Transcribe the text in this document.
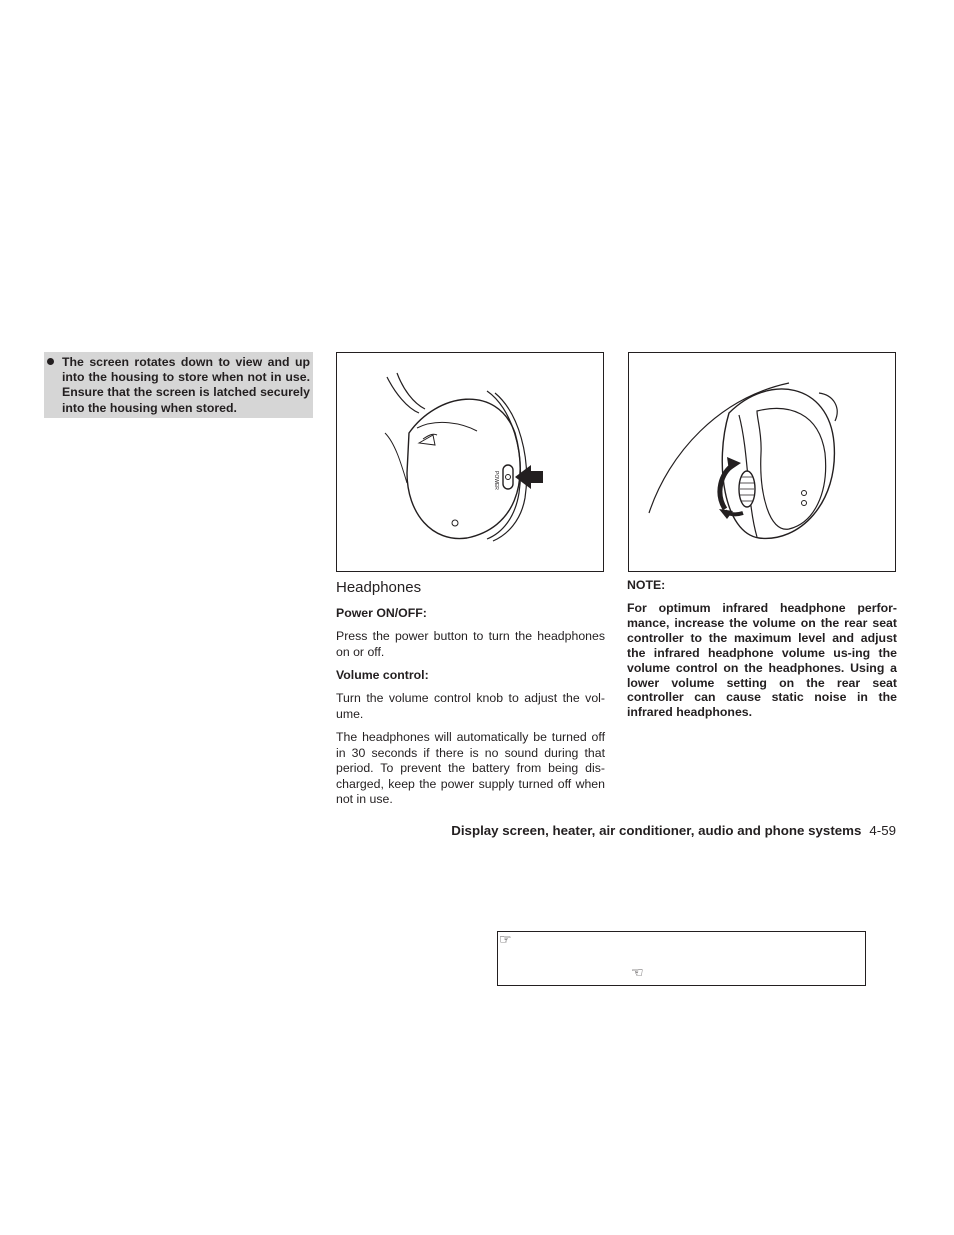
The screen rotates down to view and up into the housing to store when not in use. Ensure that the screen is latched securely into the housing when stored.
POWER
Headphones
Power ON/OFF:
Press the power button to turn the headphones on or off.
Volume control:
Turn the volume control knob to adjust the vol-ume.
The headphones will automatically be turned off in 30 seconds if there is no sound during that period. To prevent the battery from being dis-charged, keep the power supply turned off when not in use.
NOTE:
For optimum infrared headphone perfor-mance, increase the volume on the rear seat controller to the maximum level and adjust the infrared headphone volume us-ing the volume control on the headphones. Using a lower volume setting on the rear seat controller can cause static noise in the infrared headphones.
Display screen, heater, air conditioner, audio and phone systems 4-59
☞
☜
